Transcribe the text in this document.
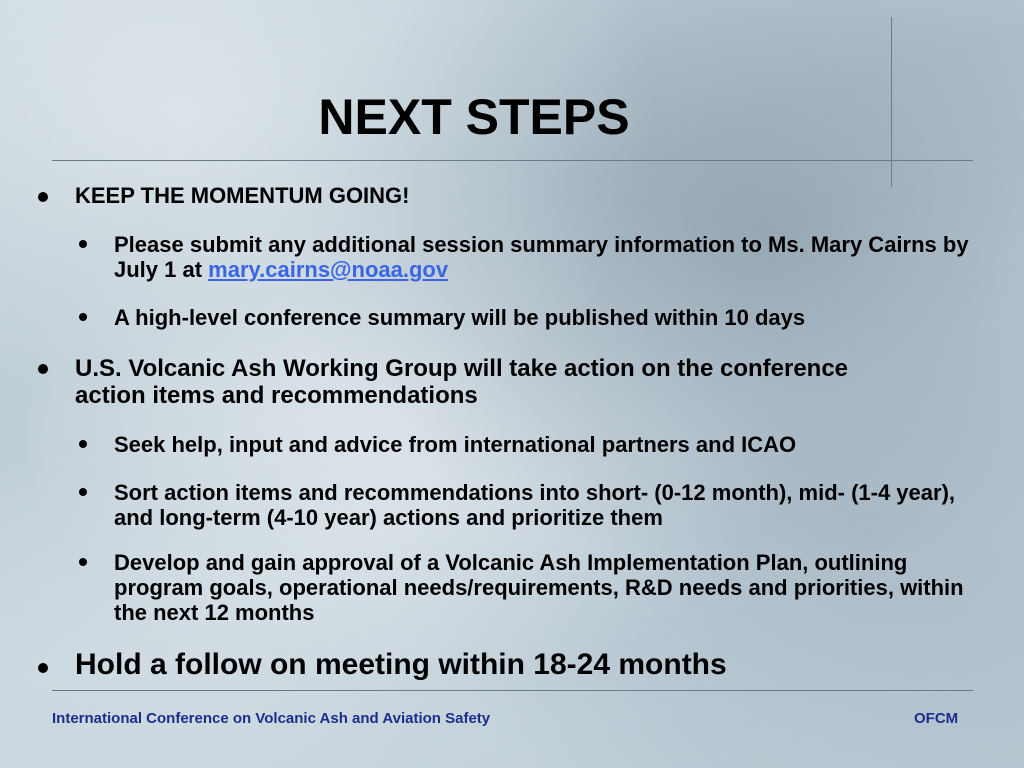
NEXT STEPS
KEEP THE MOMENTUM GOING!
Please submit any additional session summary information to Ms. Mary Cairns by July 1 at mary.cairns@noaa.gov
A high-level conference summary will be published within 10 days
U.S. Volcanic Ash Working Group will take action on the conference action items and recommendations
Seek help, input and advice from international partners and ICAO
Sort action items and recommendations into short- (0-12 month), mid- (1-4 year), and long-term (4-10 year) actions and prioritize them
Develop and gain approval of a Volcanic Ash Implementation Plan, outlining program goals, operational needs/requirements, R&D needs and priorities, within the next 12 months
Hold a follow on meeting within 18-24 months
International Conference on Volcanic Ash and Aviation Safety	OFCM
